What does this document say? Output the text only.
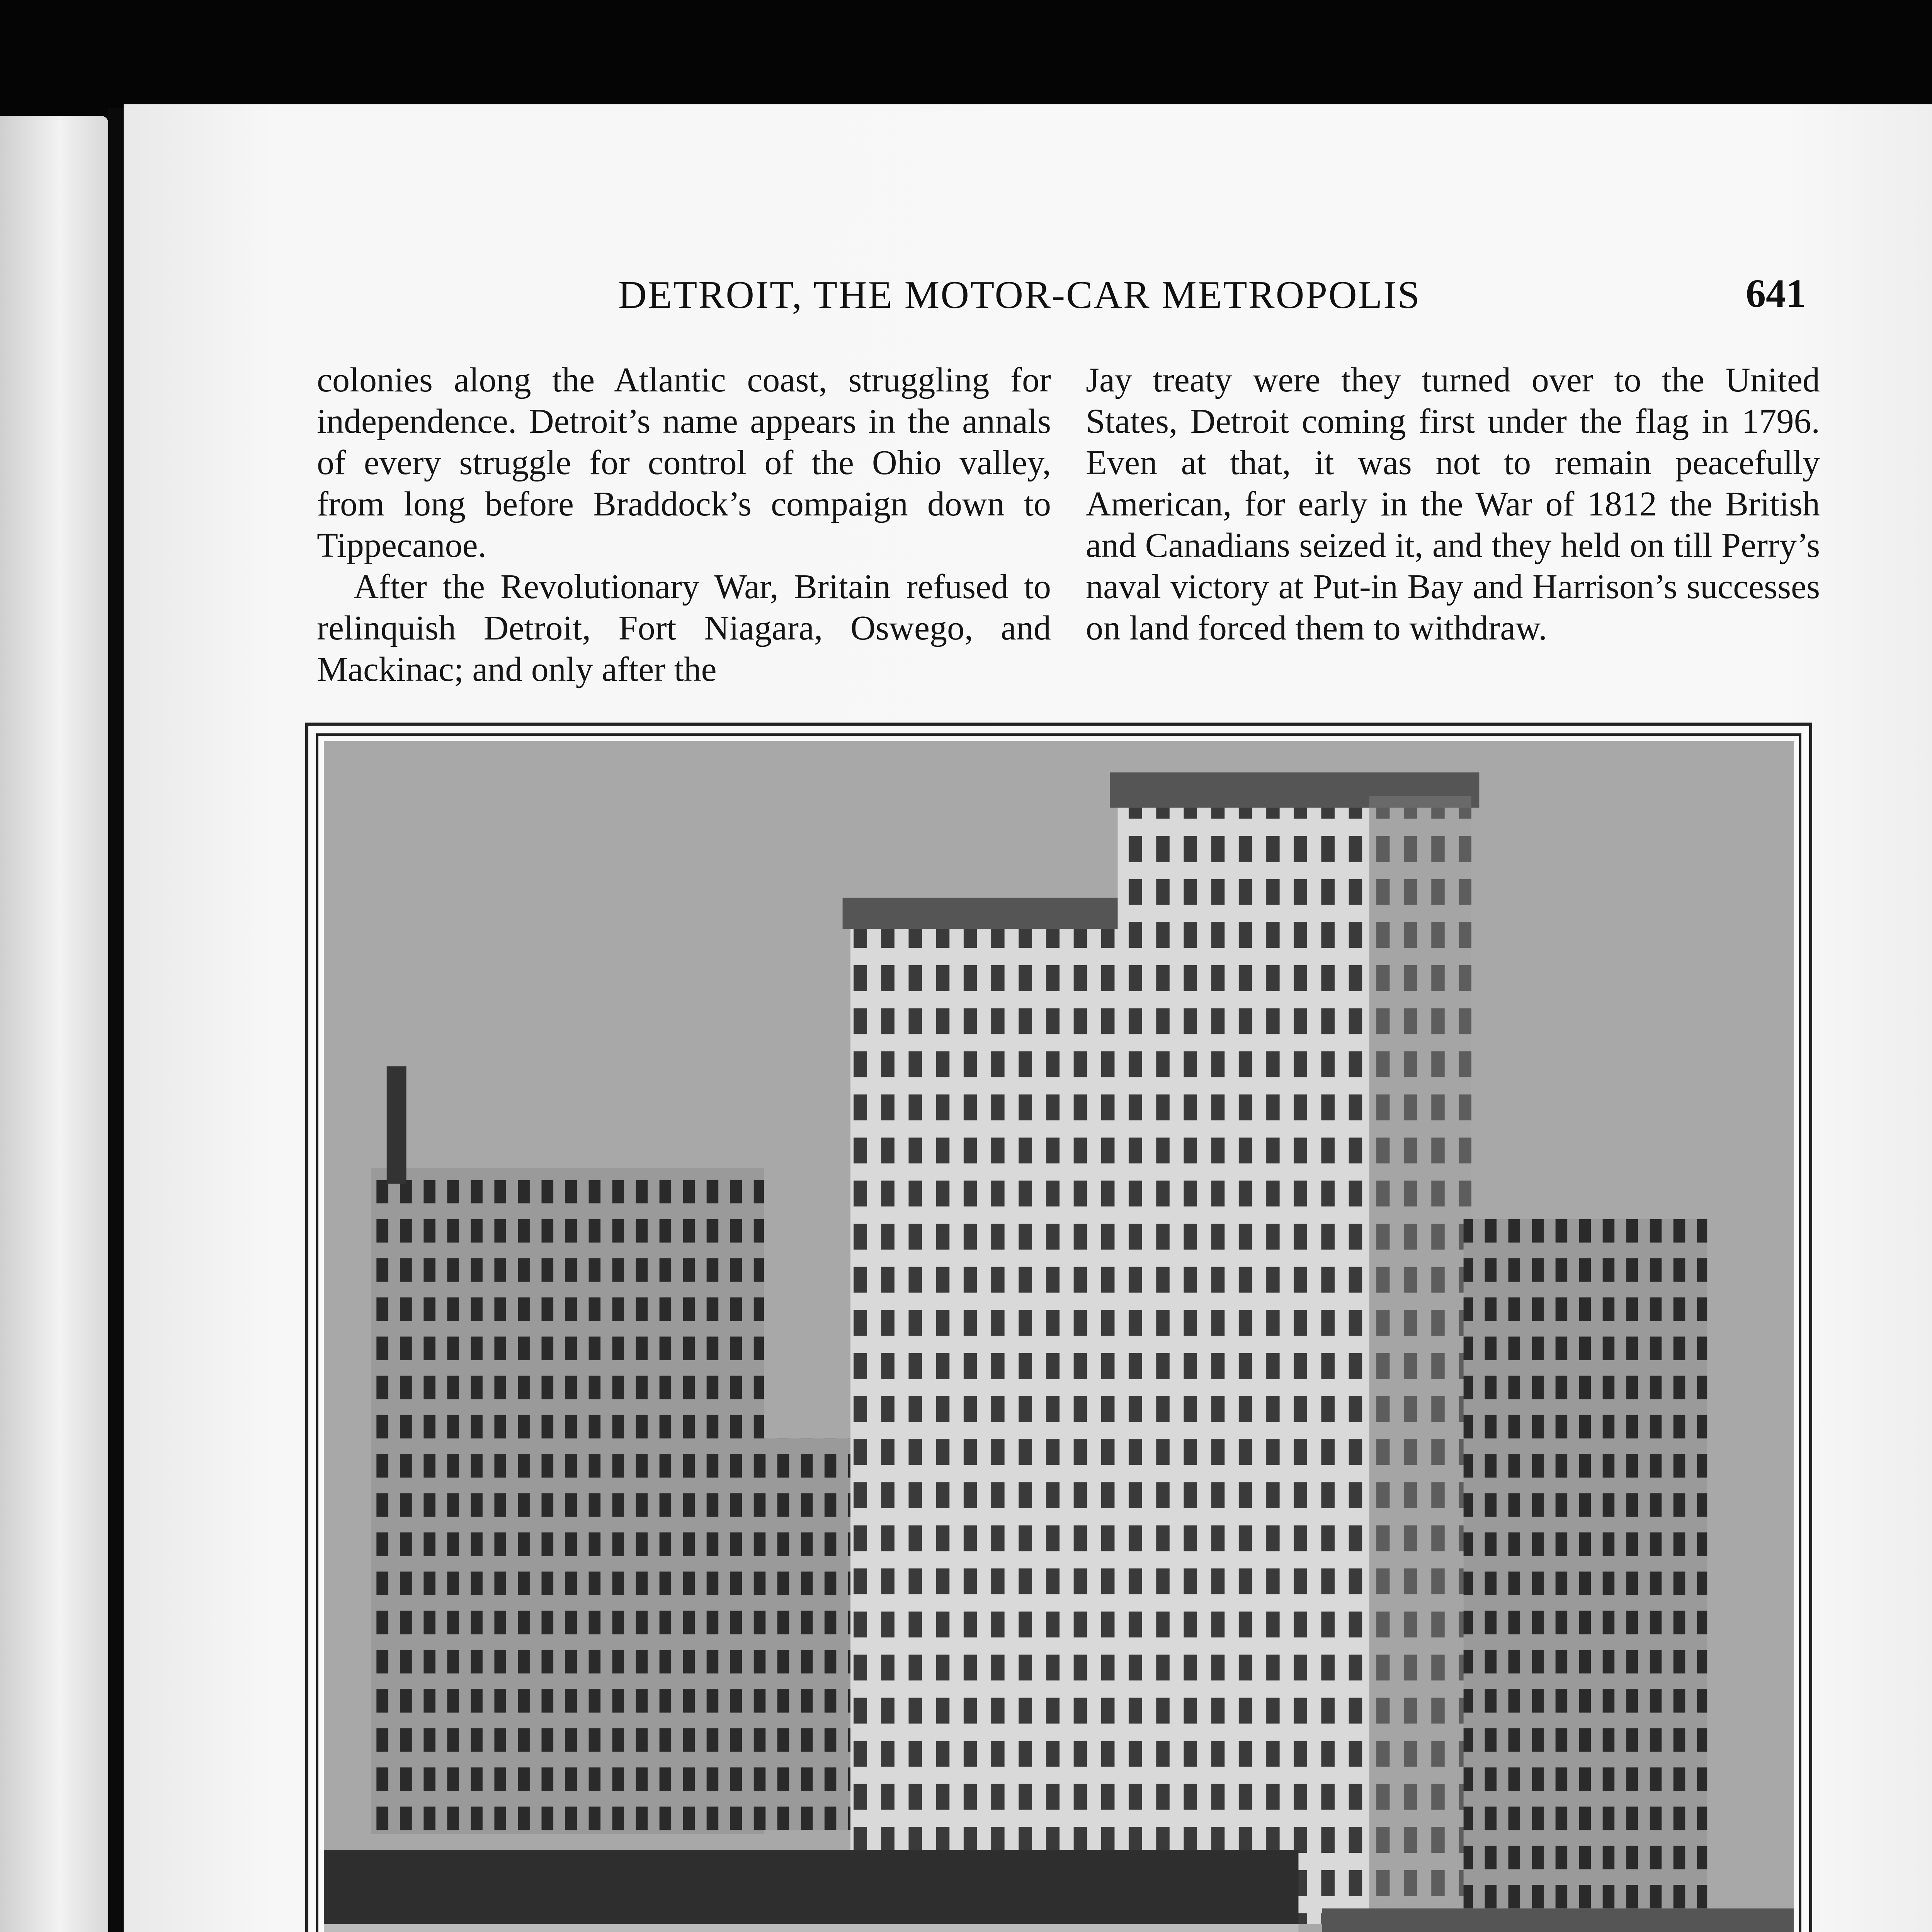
DETROIT, THE MOTOR-CAR METROPOLIS	641

colonies along the Atlantic coast, struggling for independence. Detroit’s name appears in the annals of every struggle for control of the Ohio valley, from long before Braddock’s compaign down to Tippecanoe.

After the Revolutionary War, Britain refused to relinquish Detroit, Fort Niagara, Oswego, and Mackinac; and only after the

Jay treaty were they turned over to the United States, Detroit coming first under the flag in 1796. Even at that, it was not to remain peacefully American, for early in the War of 1812 the British and Canadians seized it, and they held on till Perry’s naval victory at Put-in Bay and Harrison’s successes on land forced them to withdraw.
